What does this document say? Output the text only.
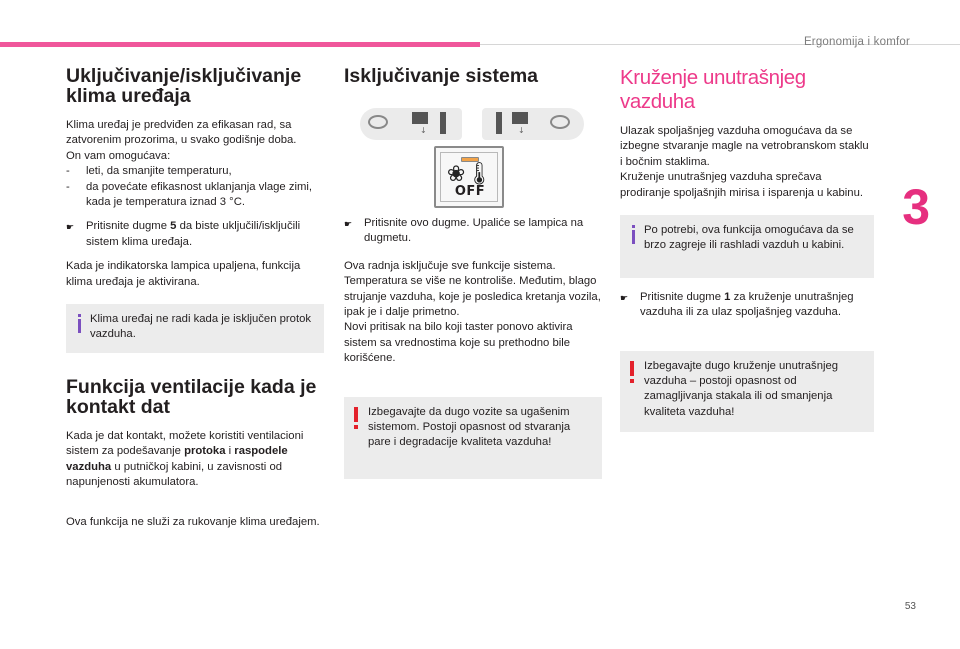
Ergonomija i komfor
3
53
Uključivanje/isključivanje klima uređaja

Klima uređaj je predviđen za efikasan rad, sa zatvorenim prozorima, u svako godišnje doba.

On vam omogućava:

-	leti, da smanjite temperaturu,
-	da povećate efikasnost uklanjanja vlage zimi, kada je temperatura iznad 3 °C.
☛	Pritisnite dugme 5 da biste uključili/isključili sistem klima uređaja.

Kada je indikatorska lampica upaljena, funkcija klima uređaja je aktivirana.

Klima uređaj ne radi kada je isključen protok vazduha.
Funkcija ventilacije kada je kontakt dat

Kada je dat kontakt, možete koristiti ventilacioni sistem za podešavanje protoka i raspodele vazduha u putničkoj kabini, u zavisnosti od napunjenosti akumulatora.

Ova funkcija ne služi za rukovanje klima uređajem.

Isključivanje sistema
↓	↓
❀🌡
OFF
☛	Pritisnite ovo dugme. Upaliće se lampica na dugmetu.

Ova radnja isključuje sve funkcije sistema.

Temperatura se više ne kontroliše. Međutim, blago strujanje vazduha, koje je posledica kretanja vozila, ipak je i dalje primetno.

Novi pritisak na bilo koji taster ponovo aktivira sistem sa vrednostima koje su prethodno bile korišćene.

Izbegavajte da dugo vozite sa ugašenim sistemom. Postoji opasnost od stvaranja pare i degradacije kvaliteta vazduha!
Kruženje unutrašnjeg vazduha

Ulazak spoljašnjeg vazduha omogućava da se izbegne stvaranje magle na vetrobranskom staklu i bočnim staklima.

Kruženje unutrašnjeg vazduha sprečava prodiranje spoljašnjih mirisa i isparenja u kabinu.

Po potrebi, ova funkcija omogućava da se brzo zagreje ili rashladi vazduh u kabini.
☛	Pritisnite dugme 1 za kruženje unutrašnjeg vazduha ili za ulaz spoljašnjeg vazduha.
Izbegavajte dugo kruženje unutrašnjeg vazduha – postoji opasnost od zamagljivanja stakala ili od smanjenja kvaliteta vazduha!
